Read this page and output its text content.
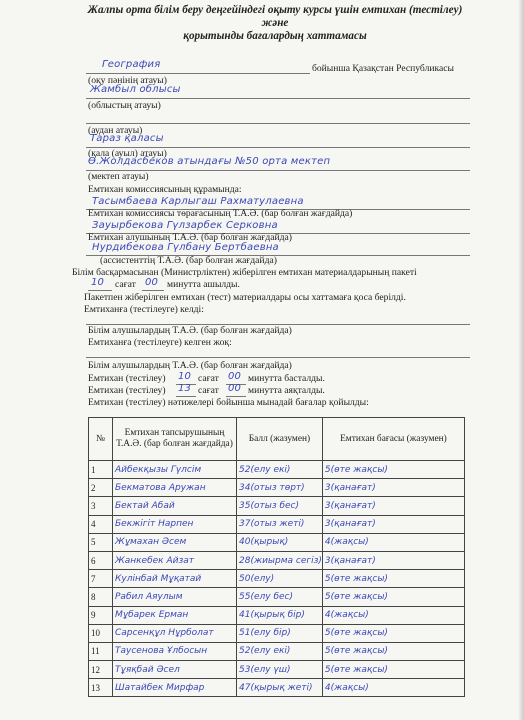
Жалпы орта білім беру деңгейіндегі оқыту курсы үшін емтихан (тестілеу) және
қорытынды бағалардың хаттамасы
География	бойынша Қазақстан Республикасы
(оқу пәнінің атауы)
Жамбыл облысы
(облыстың атауы)
(аудан атауы)
Тараз қаласы
(қала (ауыл) атауы)
Ө.Жолдасбеков атындағы №50 орта мектеп
(мектеп атауы)
Емтихан комиссиясының құрамында:
Тасымбаева Карлыгаш Рахматулаевна
Емтихан комиссиясы төрағасының Т.А.Ә. (бар болған жағдайда)
Зауырбекова Гүлзарбек Серковна
Емтихан алушының Т.А.Ә. (бар болған жағдайда)
Нурдибекова Гүлбану Бертбаевна
(ассистенттің Т.А.Ә. (бар болған жағдайда)
Білім басқармасынан (Министрліктен) жіберілген емтихан материалдарының пакеті
10 сағат 00 минутта ашылды.
Пакетпен жіберілген емтихан (тест) материалдары осы хаттамаға қоса берілді.
Емтиханға (тестілеуге) келді:
Білім алушылардың Т.А.Ә. (бар болған жағдайда)
Емтиханға (тестілеуге) келген жоқ:
Білім алушылардың Т.А.Ә. (бар болған жағдайда)
Емтихан (тестілеу) 10 сағат 00 минутта басталды.
Емтихан (тестілеу) 13 сағат 00 минутта аяқталды.
Емтихан (тестілеу) нәтижелері бойынша мынадай бағалар қойылды:
№	Емтихан тапсырушының Т.А.Ә. (бар болған жағдайда)	Балл (жазумен)	Емтихан бағасы (жазумен)
1	Айбекқызы Гүлсім	52(елу екі)	5(өте жақсы)
2	Бекматова Аружан	34(отыз төрт)	3(қанағат)
3	Бектай Абай	35(отыз бес)	3(қанағат)
4	Бекжігіт Нарпен	37(отыз жеті)	3(қанағат)
5	Жұмахан Әсем	40(қырық)	4(жақсы)
6	Жанкебек Айзат	28(жиырма сегіз)	3(қанағат)
7	Кулінбай Мұқатай	50(елу)	5(өте жақсы)
8	Рабил Аяулым	55(елу бес)	5(өте жақсы)
9	Мұбарек Ерман	41(қырық бір)	4(жақсы)
10	Сарсенқұл Нұрболат	51(елу бір)	5(өте жақсы)
11	Таусенова Ұлбосын	52(елу екі)	5(өте жақсы)
12	Тұяқбай Әсел	53(елу үш)	5(өте жақсы)
13	Шатайбек Мирфар	47(қырық жеті)	4(жақсы)
